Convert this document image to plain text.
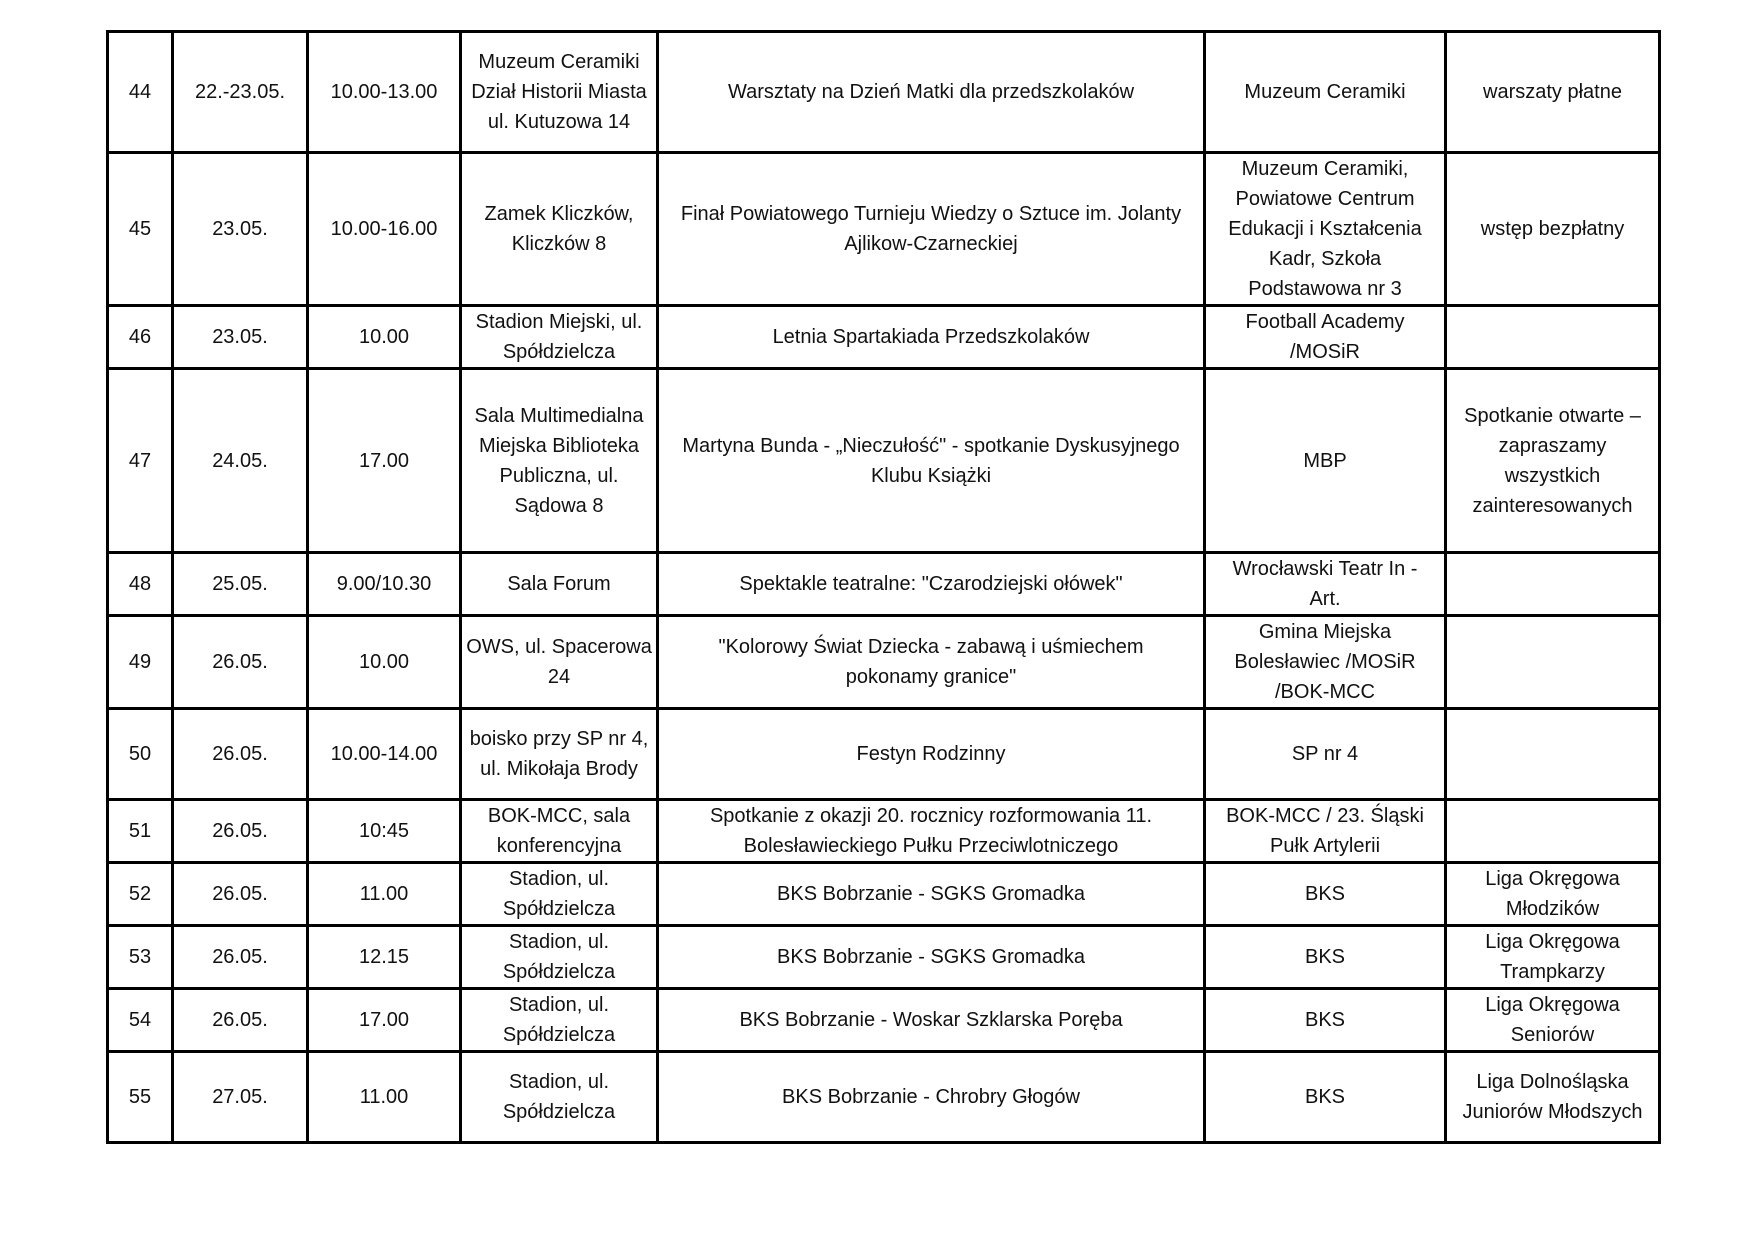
44	22.-23.05.	10.00-13.00	Muzeum Ceramiki
Dział Historii Miasta
ul. Kutuzowa 14	Warsztaty na Dzień Matki dla przedszkolaków	Muzeum Ceramiki	warszaty płatne
45	23.05.	10.00-16.00	Zamek Kliczków,
Kliczków 8	Finał Powiatowego Turnieju Wiedzy o Sztuce im. Jolanty
Ajlikow-Czarneckiej	Muzeum Ceramiki,
Powiatowe Centrum
Edukacji i Kształcenia
Kadr, Szkoła
Podstawowa nr 3	wstęp bezpłatny
46	23.05.	10.00	Stadion Miejski, ul.
Spółdzielcza	Letnia Spartakiada Przedszkolaków	Football Academy
/MOSiR	
47	24.05.	17.00	Sala Multimedialna
Miejska Biblioteka
Publiczna, ul.
Sądowa 8	Martyna Bunda - „Nieczułość" - spotkanie Dyskusyjnego
Klubu Książki	MBP	Spotkanie otwarte –
zapraszamy
wszystkich
zainteresowanych
48	25.05.	9.00/10.30	Sala Forum	Spektakle teatralne: "Czarodziejski ołówek"	Wrocławski Teatr In -
Art.	
49	26.05.	10.00	OWS, ul. Spacerowa
24	"Kolorowy Świat Dziecka - zabawą i uśmiechem
pokonamy granice"	Gmina Miejska
Bolesławiec /MOSiR
/BOK-MCC	
50	26.05.	10.00-14.00	boisko przy SP nr 4,
ul. Mikołaja Brody	Festyn Rodzinny	SP nr 4	
51	26.05.	10:45	BOK-MCC, sala
konferencyjna	Spotkanie z okazji 20. rocznicy rozformowania 11.
Bolesławieckiego Pułku Przeciwlotniczego	BOK-MCC / 23. Śląski
Pułk Artylerii	
52	26.05.	11.00	Stadion, ul.
Spółdzielcza	BKS Bobrzanie - SGKS Gromadka	BKS	Liga Okręgowa
Młodzików
53	26.05.	12.15	Stadion, ul.
Spółdzielcza	BKS Bobrzanie - SGKS Gromadka	BKS	Liga Okręgowa
Trampkarzy
54	26.05.	17.00	Stadion, ul.
Spółdzielcza	BKS Bobrzanie - Woskar Szklarska Poręba	BKS	Liga Okręgowa
Seniorów
55	27.05.	11.00	Stadion, ul.
Spółdzielcza	BKS Bobrzanie - Chrobry Głogów	BKS	Liga Dolnośląska
Juniorów Młodszych
